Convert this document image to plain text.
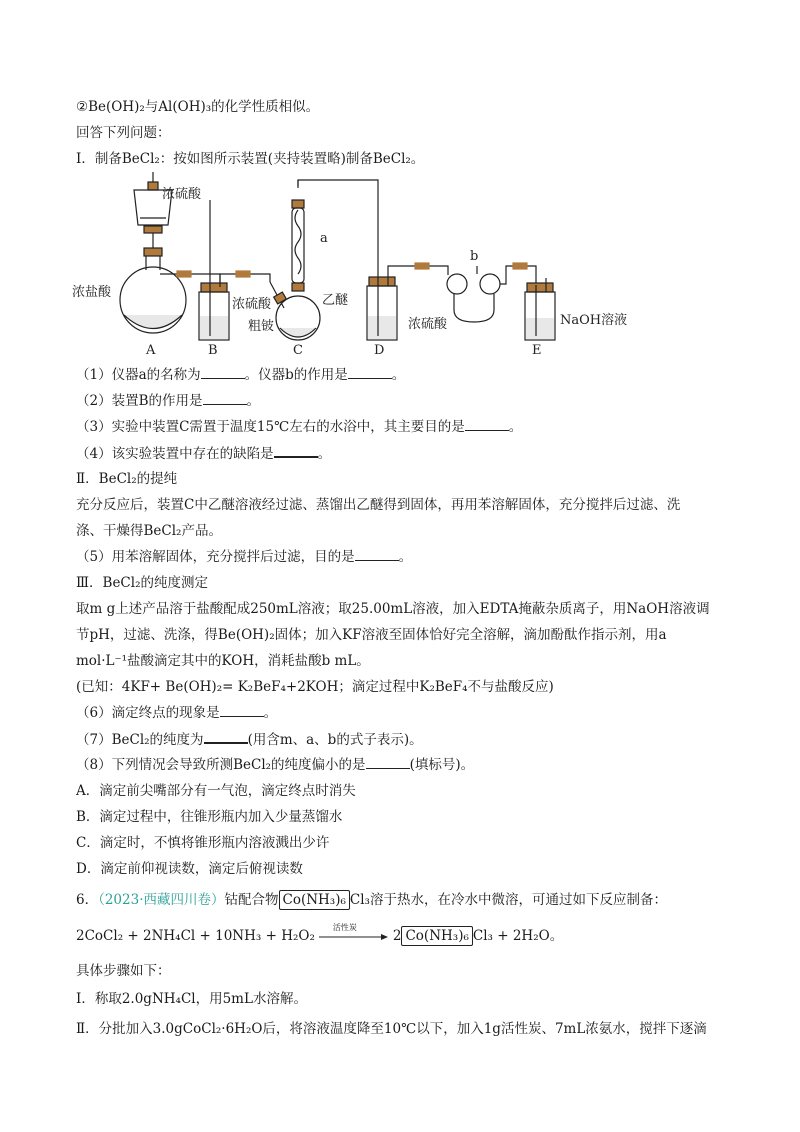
②Be(OH)₂与Al(OH)₃的化学性质相似。
回答下列问题：
Ⅰ．制备BeCl₂：按如图所示装置(夹持装置略)制备BeCl₂。
浓硫酸
浓盐酸
浓硫酸
粗铍
乙醚
a
b
浓硫酸	NaOH溶液
A	B	C	D	E
（1）仪器a的名称为	。仪器b的作用是	。
（2）装置B的作用是	。
（3）实验中装置C需置于温度15℃左右的水浴中，其主要目的是	。
（4）该实验装置中存在的缺陷是	。
Ⅱ．BeCl₂的提纯
充分反应后，装置C中乙醚溶液经过滤、蒸馏出乙醚得到固体，再用苯溶解固体，充分搅拌后过滤、洗
涤、干燥得BeCl₂产品。
（5）用苯溶解固体，充分搅拌后过滤，目的是	。
Ⅲ．BeCl₂的纯度测定
取m g上述产品溶于盐酸配成250mL溶液；取25.00mL溶液，加入EDTA掩蔽杂质离子，用NaOH溶液调
节pH，过滤、洗涤，得Be(OH)₂固体；加入KF溶液至固体恰好完全溶解，滴加酚酞作指示剂，用a
mol·L⁻¹盐酸滴定其中的KOH，消耗盐酸b mL。
(已知：4KF+ Be(OH)₂= K₂BeF₄+2KOH；滴定过程中K₂BeF₄不与盐酸反应)
（6）滴定终点的现象是	。
（7）BeCl₂的纯度为	(用含m、a、b的式子表示)。
（8）下列情况会导致所测BeCl₂的纯度偏小的是	(填标号)。
A．滴定前尖嘴部分有一气泡，滴定终点时消失
B．滴定过程中，往锥形瓶内加入少量蒸馏水
C．滴定时，不慎将锥形瓶内溶液溅出少许
D．滴定前仰视读数，滴定后俯视读数
6．（2023·西藏四川卷）钴配合物 Co(NH₃)₆ Cl₃溶于热水，在冷水中微溶，可通过如下反应制备：
2CoCl₂ + 2NH₄Cl + 10NH₃ + H₂O₂
活性炭
2 Co(NH₃)₆ Cl₃ + 2H₂O。
具体步骤如下：
Ⅰ．称取2.0gNH₄Cl，用5mL水溶解。
Ⅱ．分批加入3.0gCoCl₂·6H₂O后，将溶液温度降至10℃以下，加入1g活性炭、7mL浓氨水，搅拌下逐滴
